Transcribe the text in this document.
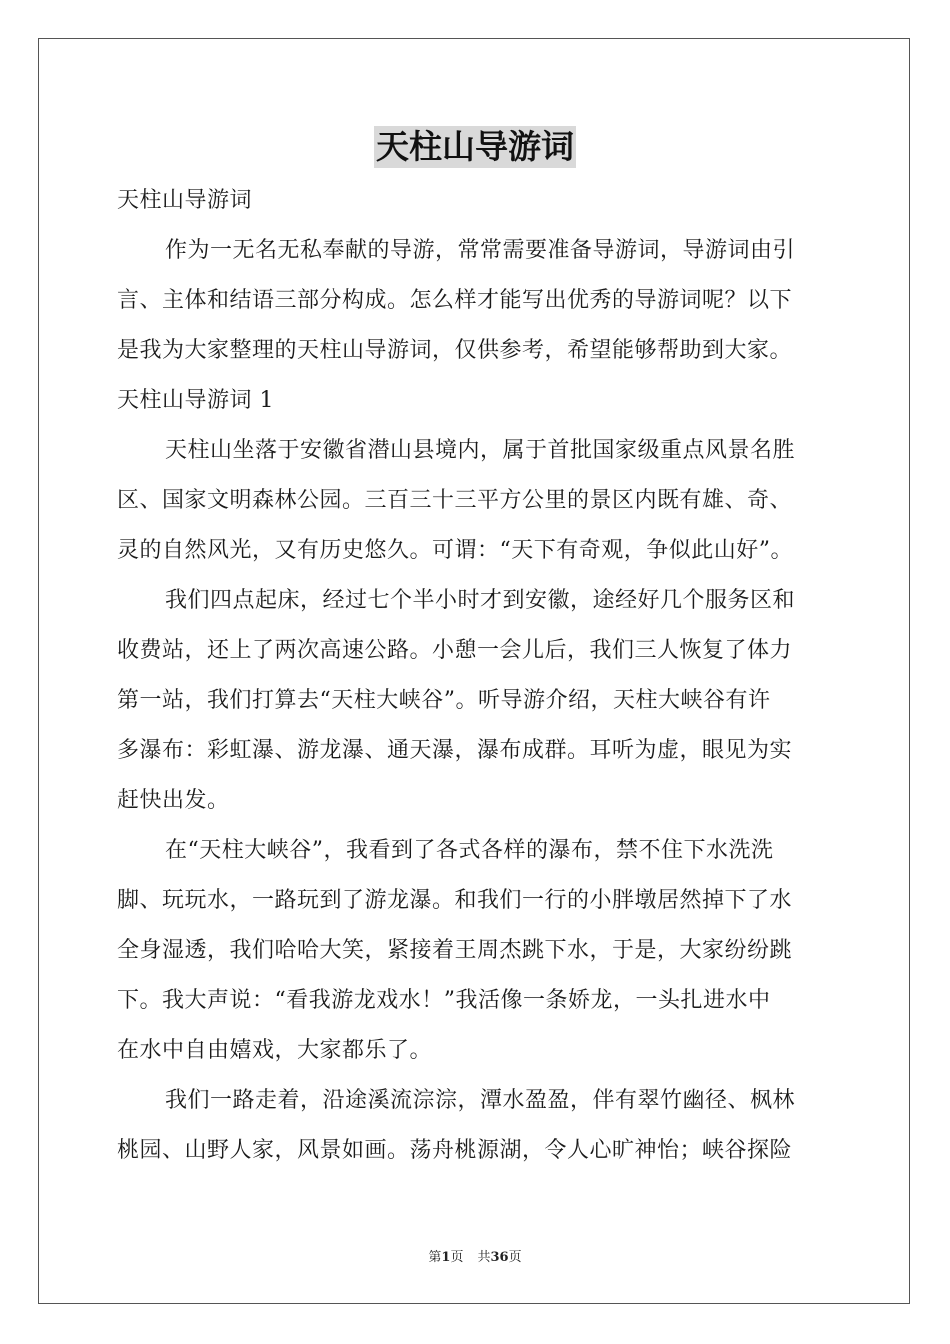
天柱山导游词
天柱山导游词
作为一无名无私奉献的导游，常常需要准备导游词，导游词由引
言、主体和结语三部分构成。怎么样才能写出优秀的导游词呢？以下
是我为大家整理的天柱山导游词，仅供参考，希望能够帮助到大家。
天柱山导游词 1
天柱山坐落于安徽省潜山县境内，属于首批国家级重点风景名胜
区、国家文明森林公园。三百三十三平方公里的景区内既有雄、奇、
灵的自然风光，又有历史悠久。可谓：“天下有奇观，争似此山好”。
我们四点起床，经过七个半小时才到安徽，途经好几个服务区和
收费站，还上了两次高速公路。小憩一会儿后，我们三人恢复了体力
第一站，我们打算去“天柱大峡谷”。听导游介绍，天柱大峡谷有许
多瀑布：彩虹瀑、游龙瀑、通天瀑，瀑布成群。耳听为虚，眼见为实
赶快出发。
在“天柱大峡谷”，我看到了各式各样的瀑布，禁不住下水洗洗
脚、玩玩水，一路玩到了游龙瀑。和我们一行的小胖墩居然掉下了水
全身湿透，我们哈哈大笑，紧接着王周杰跳下水，于是，大家纷纷跳
下。我大声说：“看我游龙戏水！”我活像一条娇龙，一头扎进水中
在水中自由嬉戏，大家都乐了。
我们一路走着，沿途溪流淙淙，潭水盈盈，伴有翠竹幽径、枫林
桃园、山野人家，风景如画。荡舟桃源湖，令人心旷神怡；峡谷探险
第1页 共36页
